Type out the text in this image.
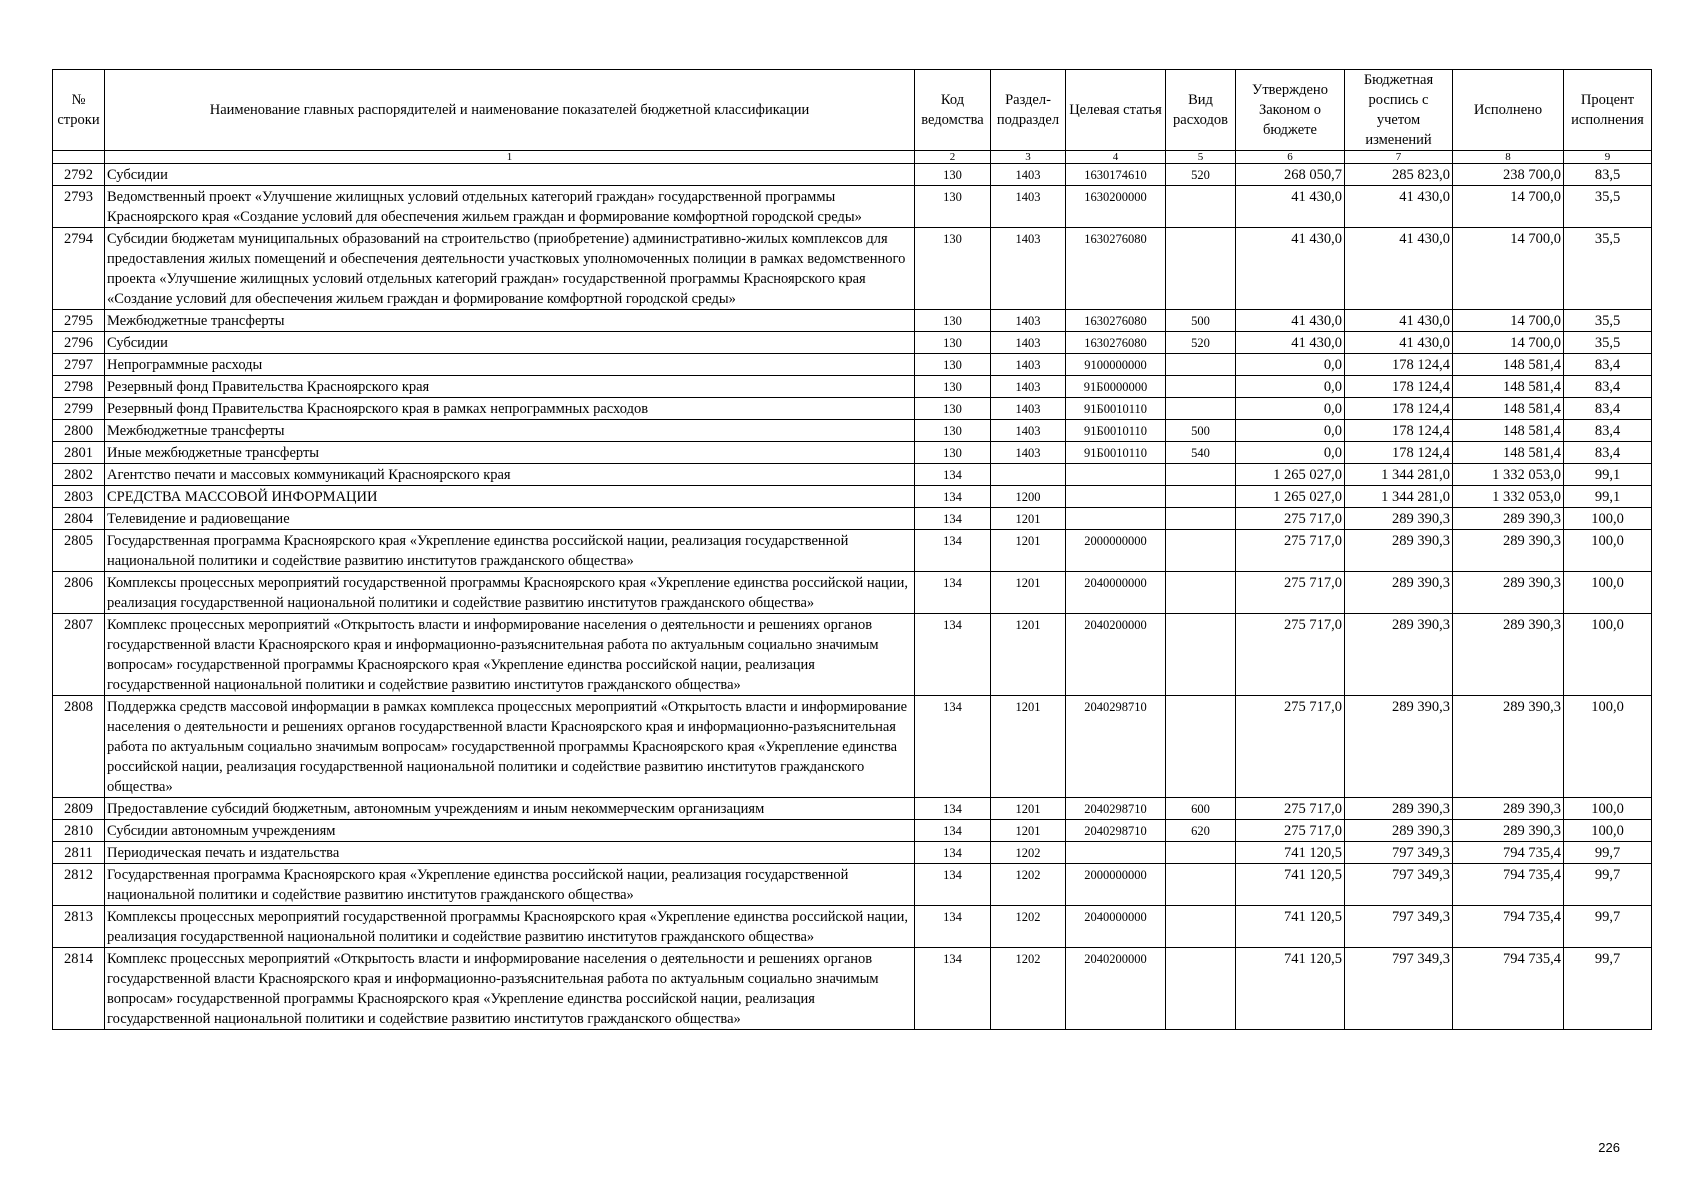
№ строки	Наименование главных распорядителей и наименование показателей бюджетной классификации	Код ведомства	Раздел-подраздел	Целевая статья	Вид расходов	Утверждено Законом о бюджете	Бюджетная роспись с учетом изменений	Исполнено	Процент исполнения
	1	2	3	4	5	6	7	8	9
2792	Субсидии	130	1403	1630174610	520	268 050,7	285 823,0	238 700,0	83,5
2793	Ведомственный проект «Улучшение жилищных условий отдельных категорий граждан» государственной программы Красноярского края «Создание условий для обеспечения жильем граждан и формирование комфортной городской среды»	130	1403	1630200000		41 430,0	41 430,0	14 700,0	35,5
2794	Субсидии бюджетам муниципальных образований на строительство (приобретение) административно-жилых комплексов для предоставления жилых помещений и обеспечения деятельности участковых уполномоченных полиции в рамках ведомственного проекта «Улучшение жилищных условий отдельных категорий граждан» государственной программы Красноярского края «Создание условий для обеспечения жильем граждан и формирование комфортной городской среды»	130	1403	1630276080		41 430,0	41 430,0	14 700,0	35,5
2795	Межбюджетные трансферты	130	1403	1630276080	500	41 430,0	41 430,0	14 700,0	35,5
2796	Субсидии	130	1403	1630276080	520	41 430,0	41 430,0	14 700,0	35,5
2797	Непрограммные расходы	130	1403	9100000000		0,0	178 124,4	148 581,4	83,4
2798	Резервный фонд Правительства Красноярского края	130	1403	91Б0000000		0,0	178 124,4	148 581,4	83,4
2799	Резервный фонд Правительства Красноярского края в рамках непрограммных расходов	130	1403	91Б0010110		0,0	178 124,4	148 581,4	83,4
2800	Межбюджетные трансферты	130	1403	91Б0010110	500	0,0	178 124,4	148 581,4	83,4
2801	Иные межбюджетные трансферты	130	1403	91Б0010110	540	0,0	178 124,4	148 581,4	83,4
2802	Агентство печати и массовых коммуникаций Красноярского края	134				1 265 027,0	1 344 281,0	1 332 053,0	99,1
2803	СРЕДСТВА МАССОВОЙ ИНФОРМАЦИИ	134	1200			1 265 027,0	1 344 281,0	1 332 053,0	99,1
2804	Телевидение и радиовещание	134	1201			275 717,0	289 390,3	289 390,3	100,0
2805	Государственная программа Красноярского края «Укрепление единства российской нации, реализация государственной национальной политики и содействие развитию институтов гражданского общества»	134	1201	2000000000		275 717,0	289 390,3	289 390,3	100,0
2806	Комплексы процессных мероприятий государственной программы Красноярского края «Укрепление единства российской нации, реализация государственной национальной политики и содействие развитию институтов гражданского общества»	134	1201	2040000000		275 717,0	289 390,3	289 390,3	100,0
2807	Комплекс процессных мероприятий «Открытость власти и информирование населения о деятельности и решениях органов государственной власти Красноярского края и информационно-разъяснительная работа по актуальным социально значимым вопросам» государственной программы Красноярского края «Укрепление единства российской нации, реализация государственной национальной политики и содействие развитию институтов гражданского общества»	134	1201	2040200000		275 717,0	289 390,3	289 390,3	100,0
2808	Поддержка средств массовой информации в рамках комплекса процессных мероприятий «Открытость власти и информирование населения о деятельности и решениях органов государственной власти Красноярского края и информационно-разъяснительная работа по актуальным социально значимым вопросам» государственной программы Красноярского края «Укрепление единства российской нации, реализация государственной национальной политики и содействие развитию институтов гражданского общества»	134	1201	2040298710		275 717,0	289 390,3	289 390,3	100,0
2809	Предоставление субсидий бюджетным, автономным учреждениям и иным некоммерческим организациям	134	1201	2040298710	600	275 717,0	289 390,3	289 390,3	100,0
2810	Субсидии автономным учреждениям	134	1201	2040298710	620	275 717,0	289 390,3	289 390,3	100,0
2811	Периодическая печать и издательства	134	1202			741 120,5	797 349,3	794 735,4	99,7
2812	Государственная программа Красноярского края «Укрепление единства российской нации, реализация государственной национальной политики и содействие развитию институтов гражданского общества»	134	1202	2000000000		741 120,5	797 349,3	794 735,4	99,7
2813	Комплексы процессных мероприятий государственной программы Красноярского края «Укрепление единства российской нации, реализация государственной национальной политики и содействие развитию институтов гражданского общества»	134	1202	2040000000		741 120,5	797 349,3	794 735,4	99,7
2814	Комплекс процессных мероприятий «Открытость власти и информирование населения о деятельности и решениях органов государственной власти Красноярского края и информационно-разъяснительная работа по актуальным социально значимым вопросам» государственной программы Красноярского края «Укрепление единства российской нации, реализация государственной национальной политики и содействие развитию институтов гражданского общества»	134	1202	2040200000		741 120,5	797 349,3	794 735,4	99,7
226
